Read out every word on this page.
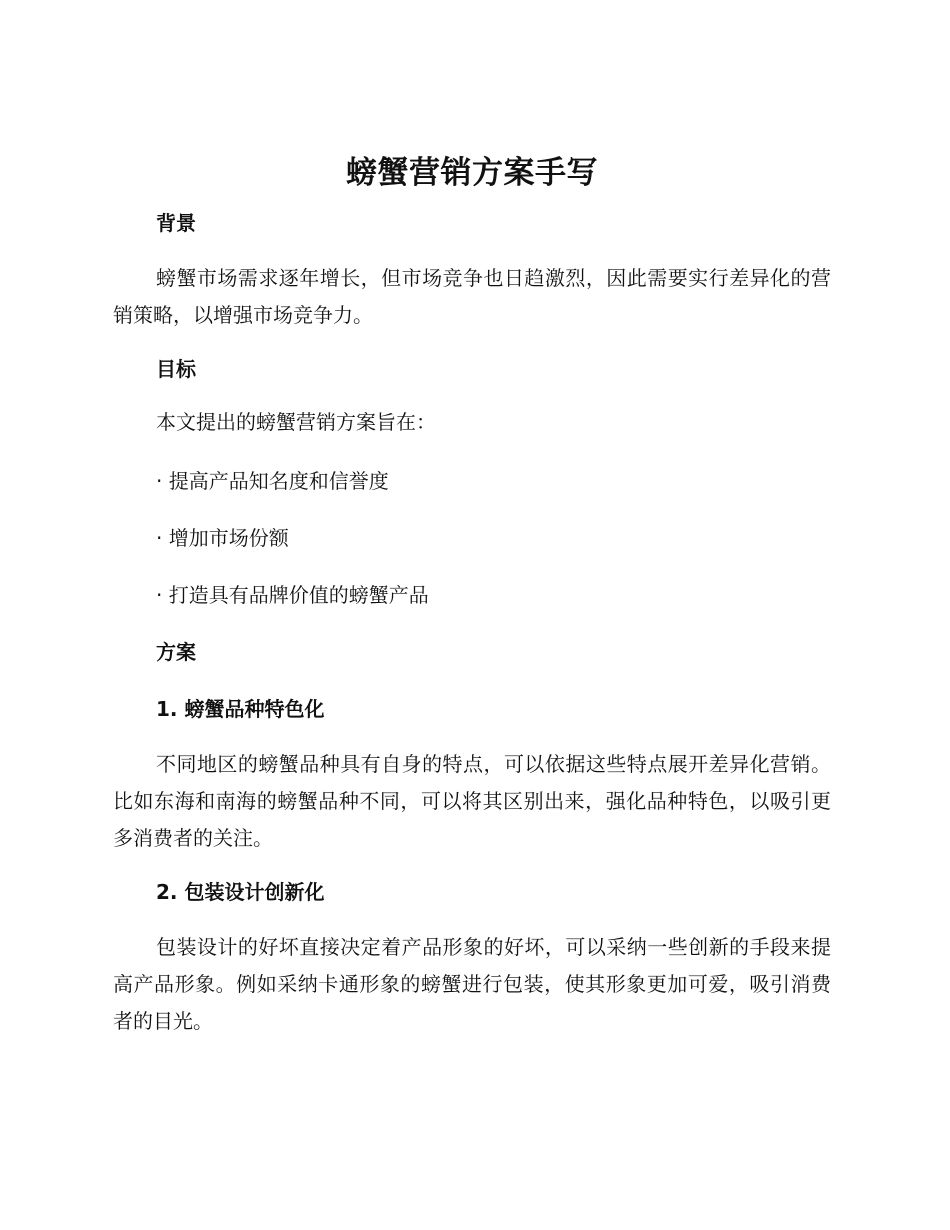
螃蟹营销方案手写
背景

螃蟹市场需求逐年增长，但市场竞争也日趋激烈，因此需要实行差异化的营销策略，以增强市场竞争力。

目标

本文提出的螃蟹营销方案旨在：

· 提高产品知名度和信誉度

· 增加市场份额

· 打造具有品牌价值的螃蟹产品

方案
1. 螃蟹品种特色化

不同地区的螃蟹品种具有自身的特点，可以依据这些特点展开差异化营销。比如东海和南海的螃蟹品种不同，可以将其区别出来，强化品种特色，以吸引更多消费者的关注。

2. 包装设计创新化

包装设计的好坏直接决定着产品形象的好坏，可以采纳一些创新的手段来提高产品形象。例如采纳卡通形象的螃蟹进行包装，使其形象更加可爱，吸引消费者的目光。
